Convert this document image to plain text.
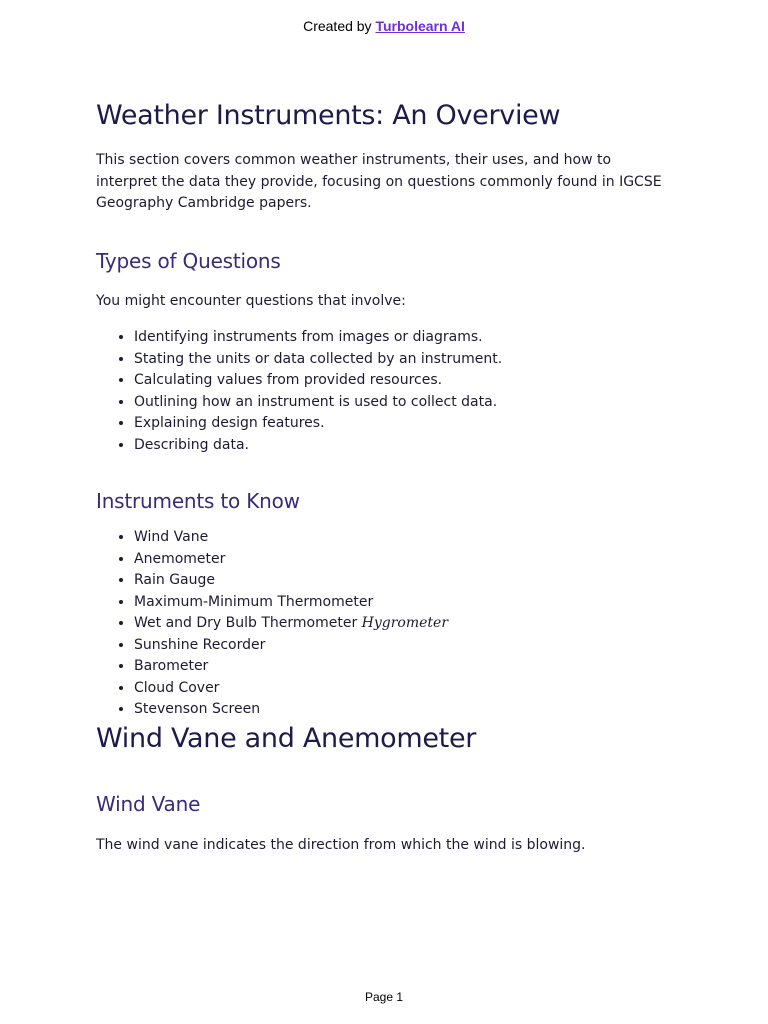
Created by Turbolearn AI
Weather Instruments: An Overview

This section covers common weather instruments, their uses, and how to interpret the data they provide, focusing on questions commonly found in IGCSE Geography Cambridge papers.

Types of Questions

You might encounter questions that involve:

• Identifying instruments from images or diagrams.
• Stating the units or data collected by an instrument.
• Calculating values from provided resources.
• Outlining how an instrument is used to collect data.
• Explaining design features.
• Describing data.
Instruments to Know
• Wind Vane
• Anemometer
• Rain Gauge
• Maximum-Minimum Thermometer
• Wet and Dry Bulb Thermometer Hygrometer
• Sunshine Recorder
• Barometer
• Cloud Cover
• Stevenson Screen
Wind Vane and Anemometer
Wind Vane

The wind vane indicates the direction from which the wind is blowing.

Page 1
